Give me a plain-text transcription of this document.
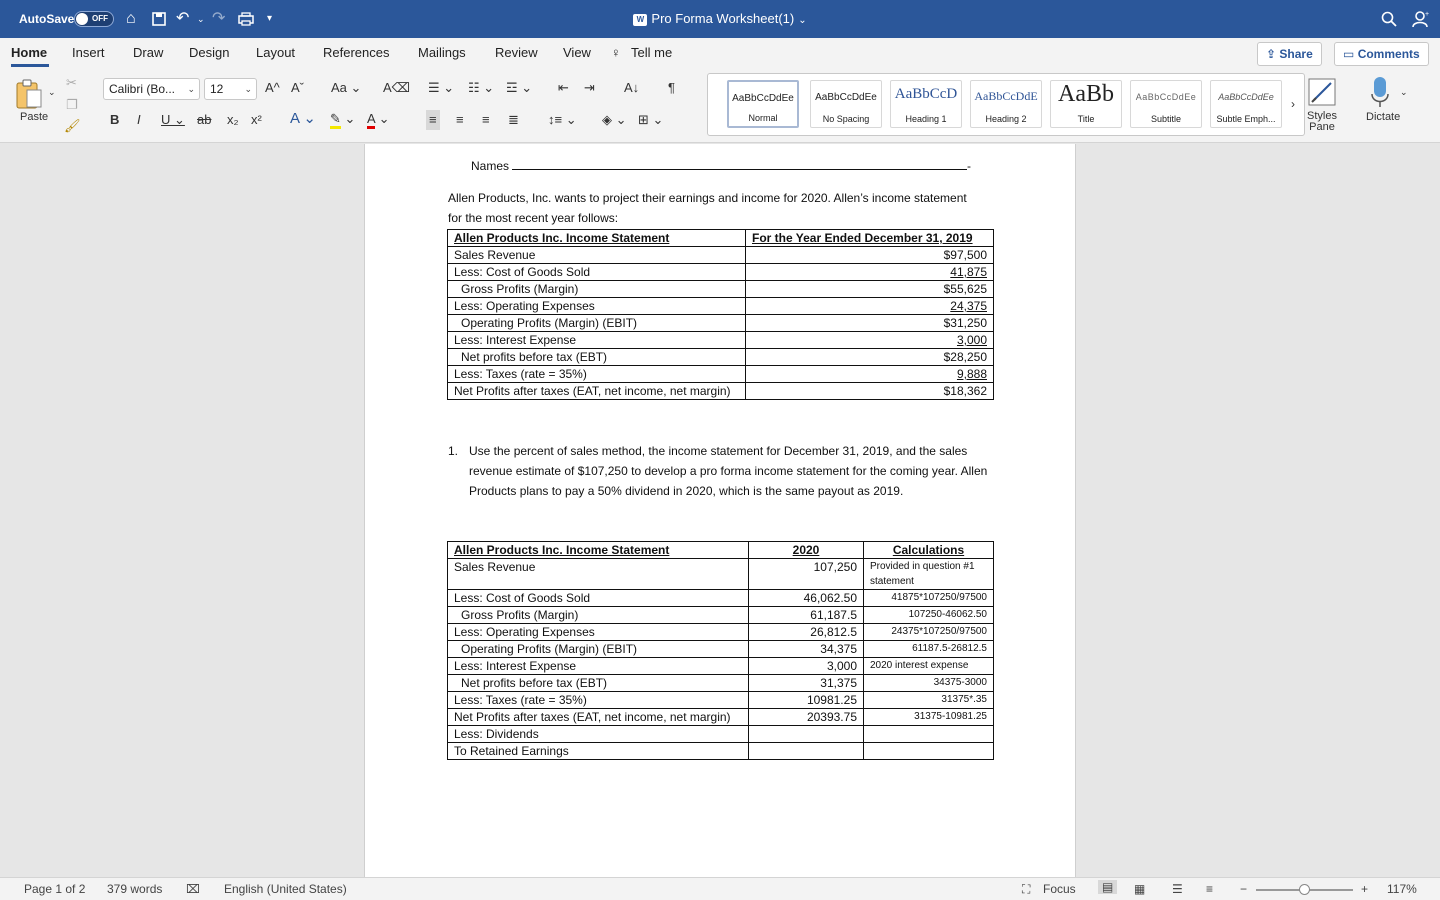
AutoSave OFF ⌂	↶ ⌄ ↷	▾	W Pro Forma Worksheet(1) ⌄
+
Home Insert Draw Design Layout References Mailings Review View ♀ Tell me	⇪ Share	▭ Comments
⌄
Paste
✂
❐
🖌
Calibri (Bo... ⌄	12 ⌄ A^ Aˇ Aa ⌄ A⌫
B I U ⌄ ab x₂ x² A ⌄ ✎ ⌄ A ⌄
☰ ⌄ ☷ ⌄ ☲ ⌄ ⇤ ⇥ A↓ ¶
≡ ≡ ≡ ≣ ↕≡ ⌄ ◈ ⌄ ⊞ ⌄
AaBbCcDdEe
Normal
AaBbCcDdEe
No Spacing
AaBbCcD
Heading 1
AaBbCcDdE
Heading 2
AaBb
Title
AaBbCcDdEe
Subtitle
AaBbCcDdEe
Subtle Emph...
›
Styles Pane
⌄
Dictate
Names	-
Allen Products, Inc. wants to project their earnings and income for 2020. Allen’s income statement for the most recent year follows:
Allen Products Inc. Income Statement	For the Year Ended December 31, 2019
Sales Revenue	$97,500
Less: Cost of Goods Sold	41,875
Gross Profits (Margin)	$55,625
Less: Operating Expenses	24,375
Operating Profits (Margin) (EBIT)	$31,250
Less: Interest Expense	3,000
Net profits before tax (EBT)	$28,250
Less: Taxes (rate = 35%)	9,888
Net Profits after taxes (EAT, net income, net margin)	$18,362
1. Use the percent of sales method, the income statement for December 31, 2019, and the sales revenue estimate of $107,250 to develop a pro forma income statement for the coming year. Allen Products plans to pay a 50% dividend in 2020, which is the same payout as 2019.
Allen Products Inc. Income Statement	2020	Calculations
Sales Revenue	107,250	Provided in question #1 statement
Less: Cost of Goods Sold	46,062.50	41875*107250/97500
Gross Profits (Margin)	61,187.5	107250-46062.50
Less: Operating Expenses	26,812.5	24375*107250/97500
Operating Profits (Margin) (EBIT)	34,375	61187.5-26812.5
Less: Interest Expense	3,000	2020 interest expense
Net profits before tax (EBT)	31,375	34375-3000
Less: Taxes (rate = 35%)	10981.25	31375*.35
Net Profits after taxes (EAT, net income, net margin)	20393.75	31375-10981.25
Less: Dividends		
To Retained Earnings		
Page 1 of 2 379 words ⌧ English (United States)	⛶ Focus	▤	▦ ☰ ≡ −	+ 117%
